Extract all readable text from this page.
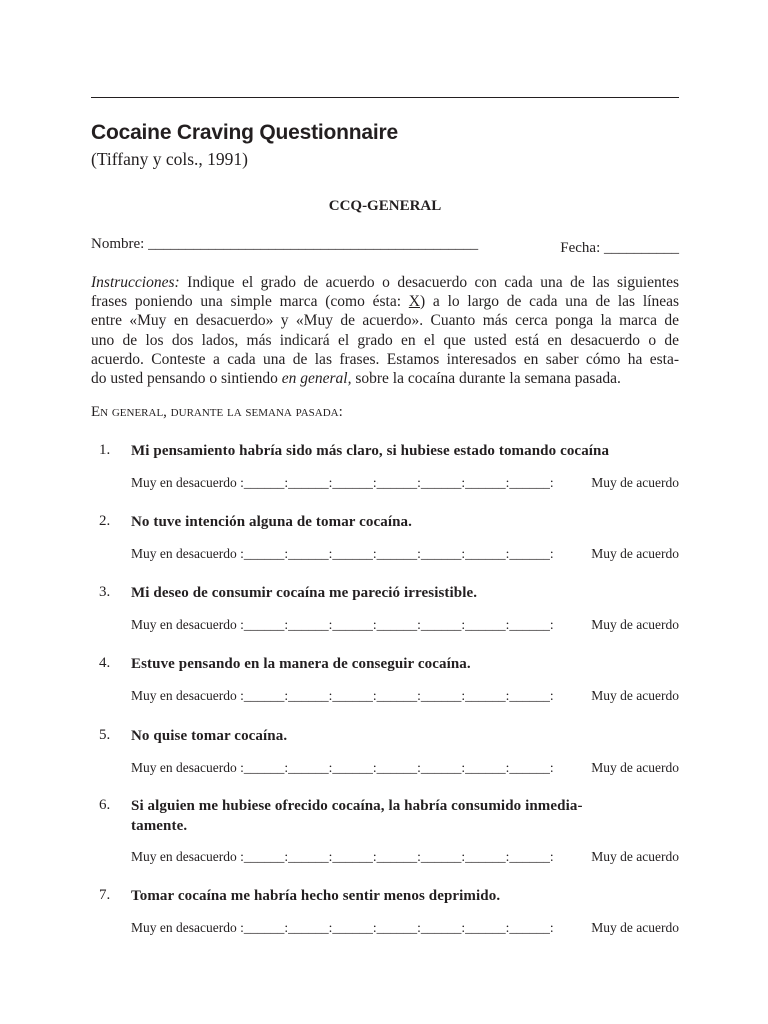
Cocaine Craving Questionnaire
(Tiffany y cols., 1991)
CCQ-GENERAL
Nombre: ____________________________________________	Fecha: __________
Instrucciones: Indique el grado de acuerdo o desacuerdo con cada una de las siguientes
frases poniendo una simple marca (como ésta: X) a lo largo de cada una de las líneas
entre «Muy en desacuerdo» y «Muy de acuerdo». Cuanto más cerca ponga la marca de
uno de los dos lados, más indicará el grado en el que usted está en desacuerdo o de
acuerdo. Conteste a cada una de las frases. Estamos interesados en saber cómo ha esta-
do usted pensando o sintiendo en general, sobre la cocaína durante la semana pasada.
En general, durante la semana pasada:
1. Mi pensamiento habría sido más claro, si hubiese estado tomando cocaína
Muy en desacuerdo :______:______:______:______:______:______:______:	Muy de acuerdo
2. No tuve intención alguna de tomar cocaína.
Muy en desacuerdo :______:______:______:______:______:______:______:	Muy de acuerdo
3. Mi deseo de consumir cocaína me pareció irresistible.
Muy en desacuerdo :______:______:______:______:______:______:______:	Muy de acuerdo
4. Estuve pensando en la manera de conseguir cocaína.
Muy en desacuerdo :______:______:______:______:______:______:______:	Muy de acuerdo
5. No quise tomar cocaína.
Muy en desacuerdo :______:______:______:______:______:______:______:	Muy de acuerdo
6. Si alguien me hubiese ofrecido cocaína, la habría consumido inmedia-
tamente.
Muy en desacuerdo :______:______:______:______:______:______:______:	Muy de acuerdo
7. Tomar cocaína me habría hecho sentir menos deprimido.
Muy en desacuerdo :______:______:______:______:______:______:______:	Muy de acuerdo
